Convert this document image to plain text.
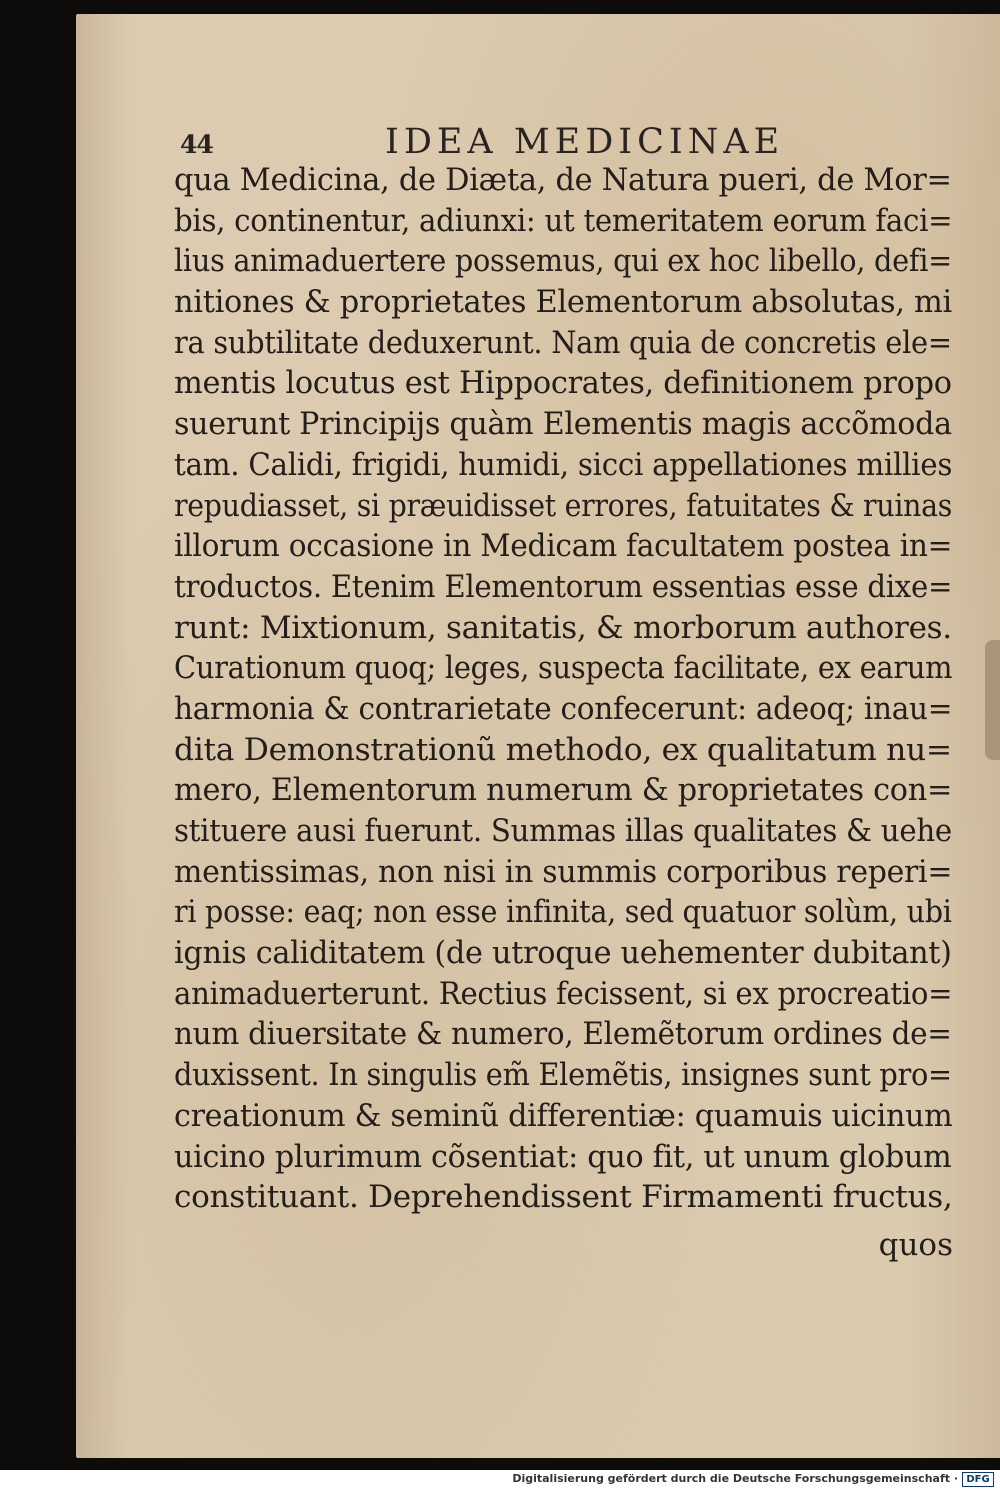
44	IDEA MEDICINAE
qua Medicina, de Diæta, de Natura pueri, de Mor=
bis, continentur, adiunxi: ut temeritatem eorum faci=
lius animaduertere possemus, qui ex hoc libello, defi=
nitiones & proprietates Elementorum absolutas, mi
ra subtilitate deduxerunt. Nam quia de concretis ele=
mentis locutus est Hippocrates, definitionem propo
suerunt Principijs quàm Elementis magis accõmoda
tam. Calidi, frigidi, humidi, sicci appellationes millies
repudiasset, si præuidisset errores, fatuitates & ruinas
illorum occasione in Medicam facultatem postea in=
troductos. Etenim Elementorum essentias esse dixe=
runt: Mixtionum, sanitatis, & morborum authores.
Curationum quoq; leges, suspecta facilitate, ex earum
harmonia & contrarietate confecerunt: adeoq; inau=
dita Demonstrationũ methodo, ex qualitatum nu=
mero, Elementorum numerum & proprietates con=
stituere ausi fuerunt. Summas illas qualitates & uehe
mentissimas, non nisi in summis corporibus reperi=
ri posse: eaq; non esse infinita, sed quatuor solùm, ubi
ignis caliditatem (de utroque uehementer dubitant)
animaduerterunt. Rectius fecissent, si ex procreatio=
num diuersitate & numero, Elemẽtorum ordines de=
duxissent. In singulis em̃ Elemẽtis, insignes sunt pro=
creationum & seminũ differentiæ: quamuis uicinum
uicino plurimum cõsentiat: quo fit, ut unum globum
constituant. Deprehendissent Firmamenti fructus,
quos
Digitalisierung gefördert durch die Deutsche Forschungsgemeinschaft · DFG
